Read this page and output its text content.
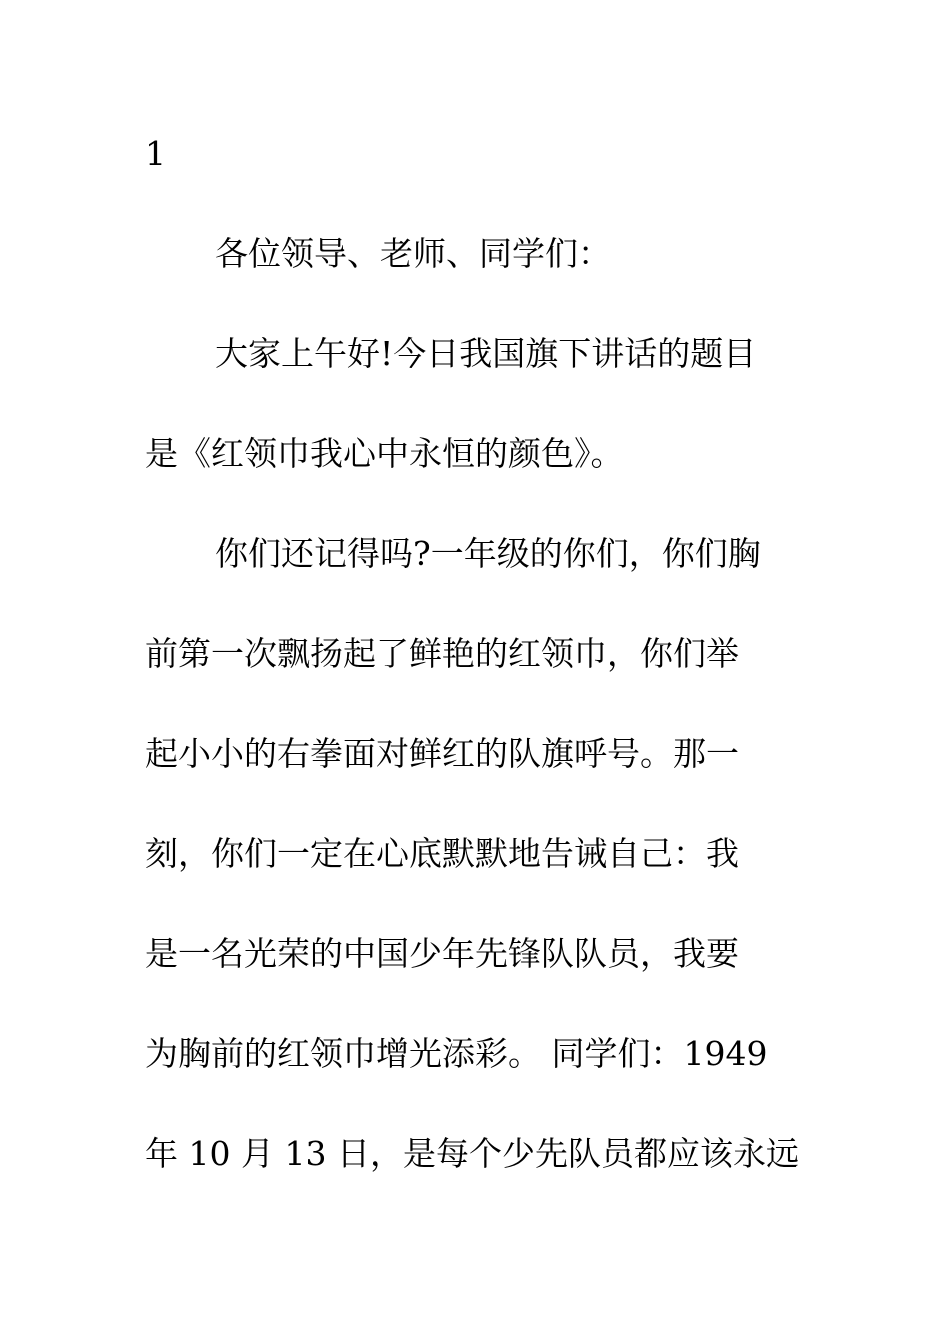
1
各位领导、老师、同学们：
大家上午好!今日我国旗下讲话的题目
是《红领巾我心中永恒的颜色》。
你们还记得吗?一年级的你们，你们胸
前第一次飘扬起了鲜艳的红领巾，你们举
起小小的右拳面对鲜红的队旗呼号。那一
刻，你们一定在心底默默地告诫自己：我
是一名光荣的中国少年先锋队队员，我要
为胸前的红领巾增光添彩。 同学们：1949
年 10 月 13 日，是每个少先队员都应该永远
